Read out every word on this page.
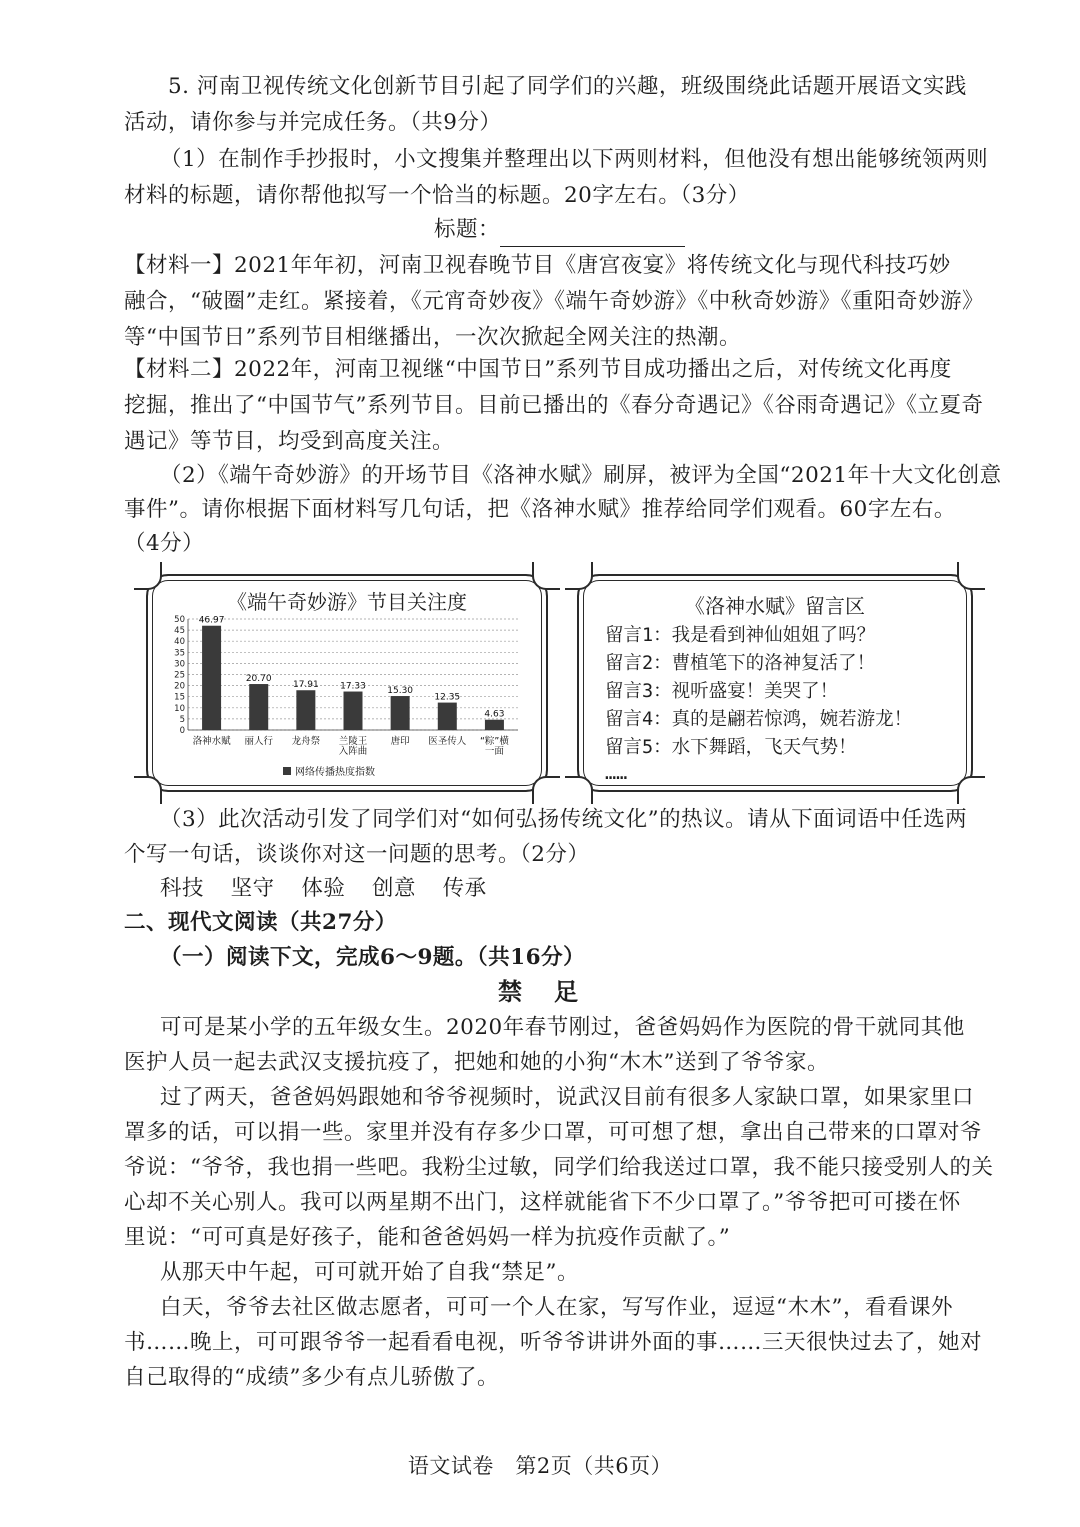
5. 河南卫视传统文化创新节目引起了同学们的兴趣，班级围绕此话题开展语文实践
活动，请你参与并完成任务。（共9分）
（1）在制作手抄报时，小文搜集并整理出以下两则材料，但他没有想出能够统领两则
材料的标题，请你帮他拟写一个恰当的标题。20字左右。（3分）
标题：
【材料一】2021年年初，河南卫视春晚节目《唐宫夜宴》将传统文化与现代科技巧妙
融合，“破圈”走红。紧接着，《元宵奇妙夜》《端午奇妙游》《中秋奇妙游》《重阳奇妙游》
等“中国节日”系列节目相继播出，一次次掀起全网关注的热潮。
【材料二】2022年，河南卫视继“中国节日”系列节目成功播出之后，对传统文化再度
挖掘，推出了“中国节气”系列节目。目前已播出的《春分奇遇记》《谷雨奇遇记》《立夏奇
遇记》等节目，均受到高度关注。
（2）《端午奇妙游》的开场节目《洛神水赋》刷屏，被评为全国“2021年十大文化创意
事件”。请你根据下面材料写几句话，把《洛神水赋》推荐给同学们观看。60字左右。
（4分）
《端午奇妙游》节目关注度
0
5
10
15
20
25
30
35
40
45
50 46.97
洛神水赋
20.70
丽人行
17.91
龙舟祭
17.33
兰陵王
入阵曲
15.30
唐印
12.35
医圣传人
4.63
“粽”横
一面
网络传播热度指数
《洛神水赋》留言区
留言1：我是看到神仙姐姐了吗？
留言2：曹植笔下的洛神复活了！
留言3：视听盛宴！美哭了！
留言4：真的是翩若惊鸿，婉若游龙！
留言5：水下舞蹈，飞天气势！
……
（3）此次活动引发了同学们对“如何弘扬传统文化”的热议。请从下面词语中任选两
个写一句话，谈谈你对这一问题的思考。（2分）
科技  坚守  体验  创意  传承
二、现代文阅读（共27分）
（一）阅读下文，完成6～9题。（共16分）
禁　足
可可是某小学的五年级女生。2020年春节刚过，爸爸妈妈作为医院的骨干就同其他
医护人员一起去武汉支援抗疫了，把她和她的小狗“木木”送到了爷爷家。
过了两天，爸爸妈妈跟她和爷爷视频时，说武汉目前有很多人家缺口罩，如果家里口
罩多的话，可以捐一些。家里并没有存多少口罩，可可想了想，拿出自己带来的口罩对爷
爷说：“爷爷，我也捐一些吧。我粉尘过敏，同学们给我送过口罩，我不能只接受别人的关
心却不关心别人。我可以两星期不出门，这样就能省下不少口罩了。”爷爷把可可搂在怀
里说：“可可真是好孩子，能和爸爸妈妈一样为抗疫作贡献了。”
从那天中午起，可可就开始了自我“禁足”。
白天，爷爷去社区做志愿者，可可一个人在家，写写作业，逗逗“木木”，看看课外
书……晚上，可可跟爷爷一起看看电视，听爷爷讲讲外面的事……三天很快过去了，她对
自己取得的“成绩”多少有点儿骄傲了。
语文试卷　第2页（共6页）
